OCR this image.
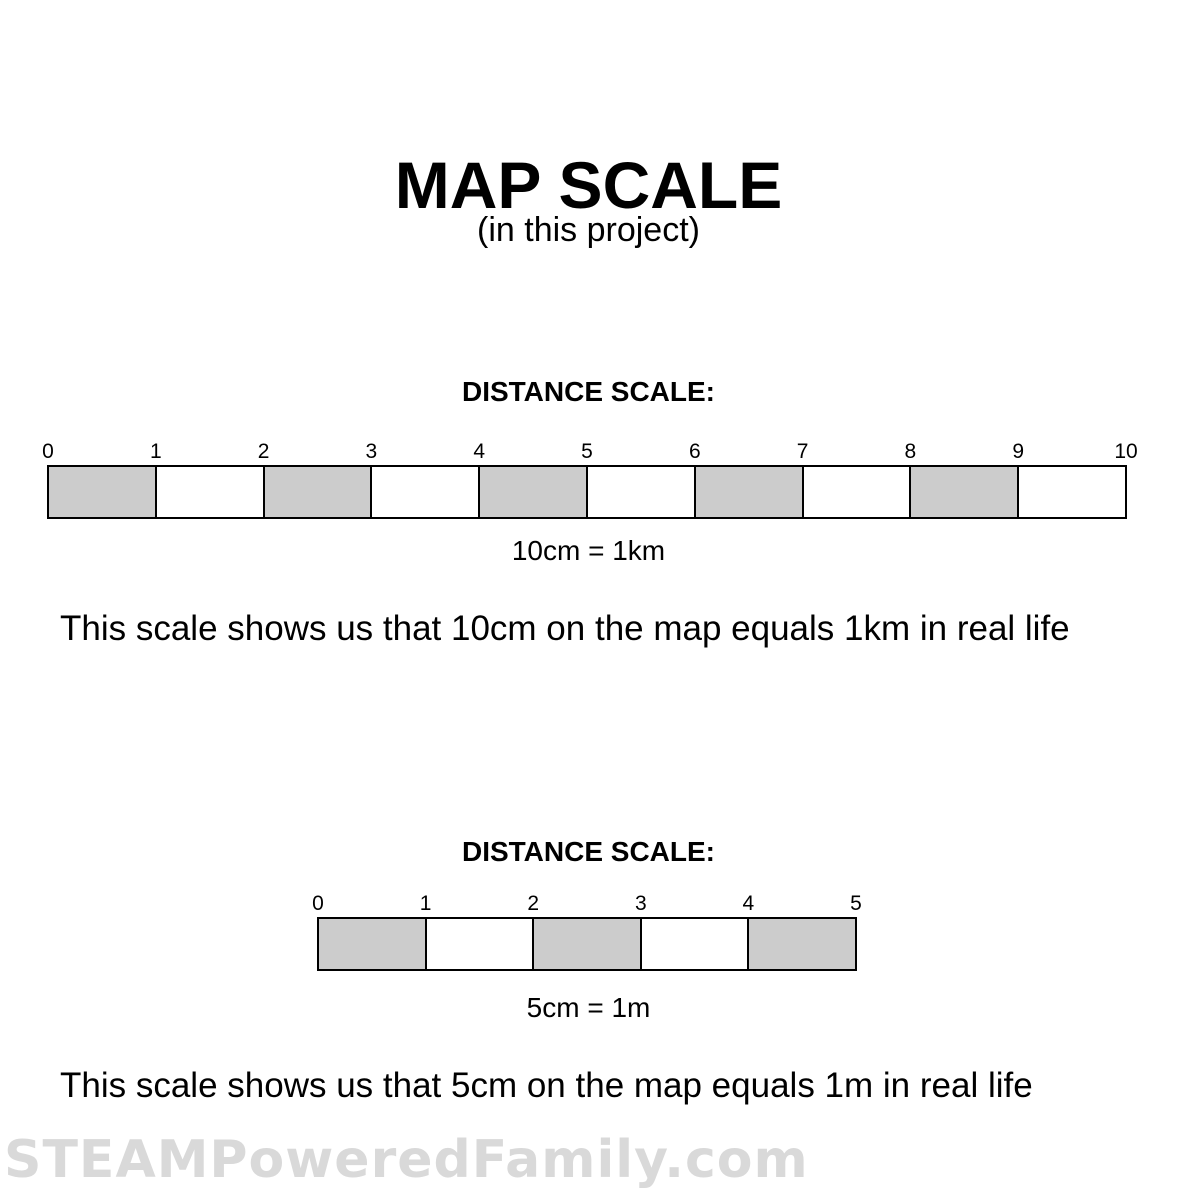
MAP SCALE
(in this project)
DISTANCE SCALE:
0	1	2	3	4	5	6	7	8	9	10
10cm = 1km
This scale shows us that 10cm on the map equals 1km in real life
DISTANCE SCALE:
0	1	2	3	4	5
5cm = 1m
This scale shows us that 5cm on the map equals 1m in real life
STEAMPoweredFamily.com
